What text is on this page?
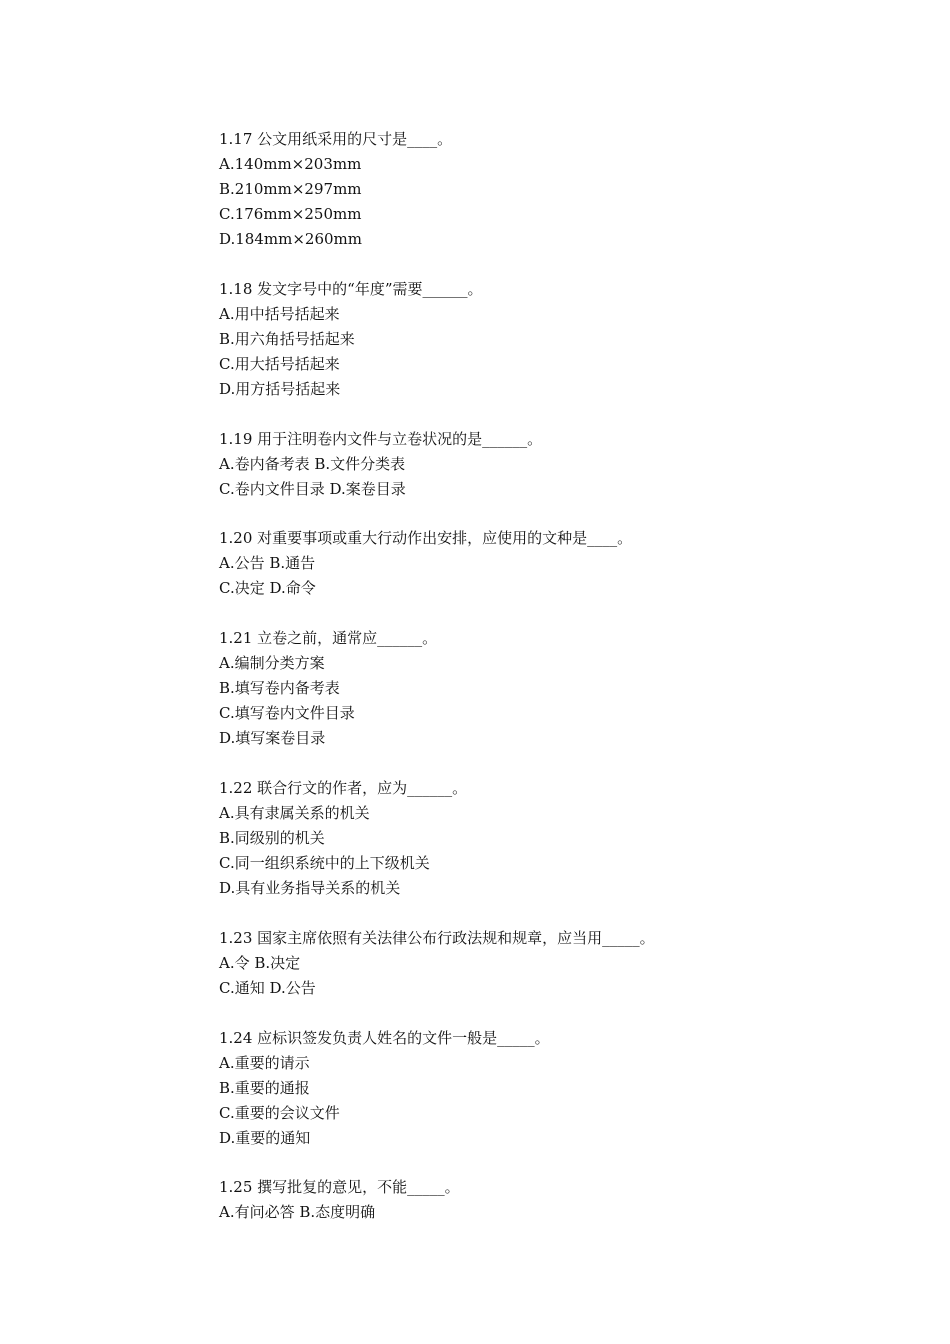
1.17 公文用纸采用的尺寸是____。
A.140mm×203mm
B.210mm×297mm
C.176mm×250mm
D.184mm×260mm
1.18 发文字号中的“年度”需要______。
A.用中括号括起来
B.用六角括号括起来
C.用大括号括起来
D.用方括号括起来
1.19 用于注明卷内文件与立卷状况的是______。
A.卷内备考表 B.文件分类表
C.卷内文件目录 D.案卷目录
1.20 对重要事项或重大行动作出安排，应使用的文种是____。
A.公告 B.通告
C.决定 D.命令
1.21 立卷之前，通常应______。
A.编制分类方案
B.填写卷内备考表
C.填写卷内文件目录
D.填写案卷目录
1.22 联合行文的作者，应为______。
A.具有隶属关系的机关
B.同级别的机关
C.同一组织系统中的上下级机关
D.具有业务指导关系的机关
1.23 国家主席依照有关法律公布行政法规和规章，应当用_____。
A.令 B.决定
C.通知 D.公告
1.24 应标识签发负责人姓名的文件一般是_____。
A.重要的请示
B.重要的通报
C.重要的会议文件
D.重要的通知
1.25 撰写批复的意见，不能_____。
A.有问必答 B.态度明确
